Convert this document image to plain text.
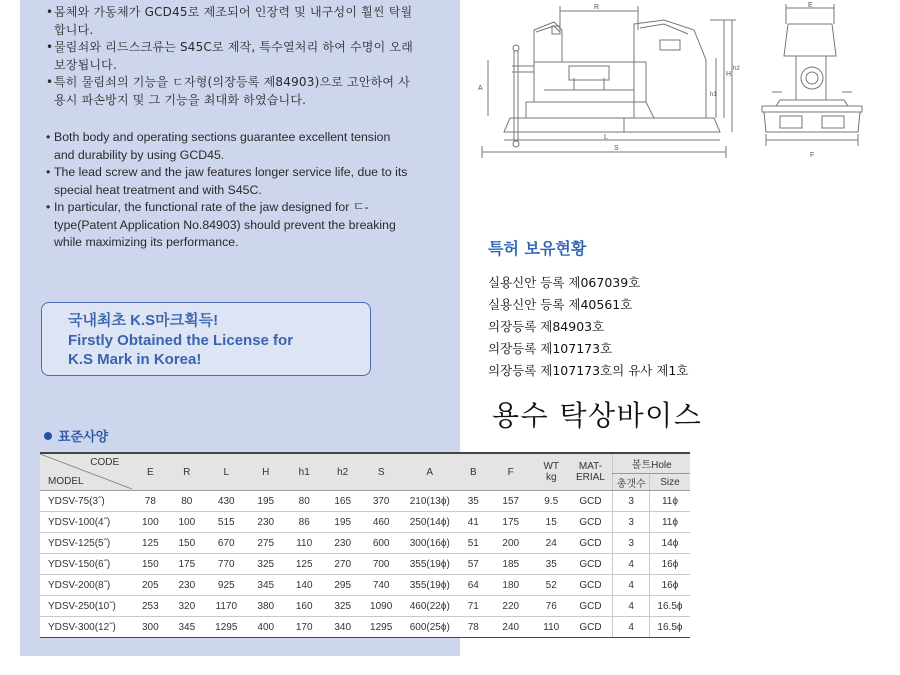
• 몸체와 가동체가 GCD45로 제조되어 인장력 및 내구성이 훨씬 탁월합니다.
• 물림쇠와 리드스크류는 S45C로 제작, 특수열처리 하여 수명이 오래 보장됩니다.
• 특히 물림쇠의 기능을 ㄷ자형(의장등록 제84903)으로 고안하여 사용시 파손방지 및 그 기능을 최대화 하였습니다.
• Both body and operating sections guarantee excellent tension and durability by using GCD45.
• The lead screw and the jaw features longer service life, due to its special heat treatment and with S45C.
• In particular, the functional rate of the jaw designed for ㄷ-type(Patent Application No.84903) should prevent the breaking while maximizing its performance.
국내최초 K.S마크획득!
Firstly Obtained the License for
K.S Mark in Korea!
표준사양
R
L
S
A
H
h1
h2
E
F
특허 보유현황
실용신안 등록 제067039호
실용신안 등록 제40561호
의장등록 제84903호
의장등록 제107173호
의장등록 제107173호의 유사 제1호
용수 탁상바이스
CODE
MODEL	E	R	L	H	h1	h2	S	A	B	F	WT
kg	MAT-
ERIAL	볼트Hole	
													총갯수	Size
YDSV-75(3˝)	78	80	430	195	80	165	370	210(13ϕ)	35	157	9.5	GCD	3	11ϕ
YDSV-100(4˝)	100	100	515	230	86	195	460	250(14ϕ)	41	175	15	GCD	3	11ϕ
YDSV-125(5˝)	125	150	670	275	110	230	600	300(16ϕ)	51	200	24	GCD	3	14ϕ
YDSV-150(6˝)	150	175	770	325	125	270	700	355(19ϕ)	57	185	35	GCD	4	16ϕ
YDSV-200(8˝)	205	230	925	345	140	295	740	355(19ϕ)	64	180	52	GCD	4	16ϕ
YDSV-250(10˝)	253	320	1170	380	160	325	1090	460(22ϕ)	71	220	76	GCD	4	16.5ϕ
YDSV-300(12˝)	300	345	1295	400	170	340	1295	600(25ϕ)	78	240	110	GCD	4	16.5ϕ
